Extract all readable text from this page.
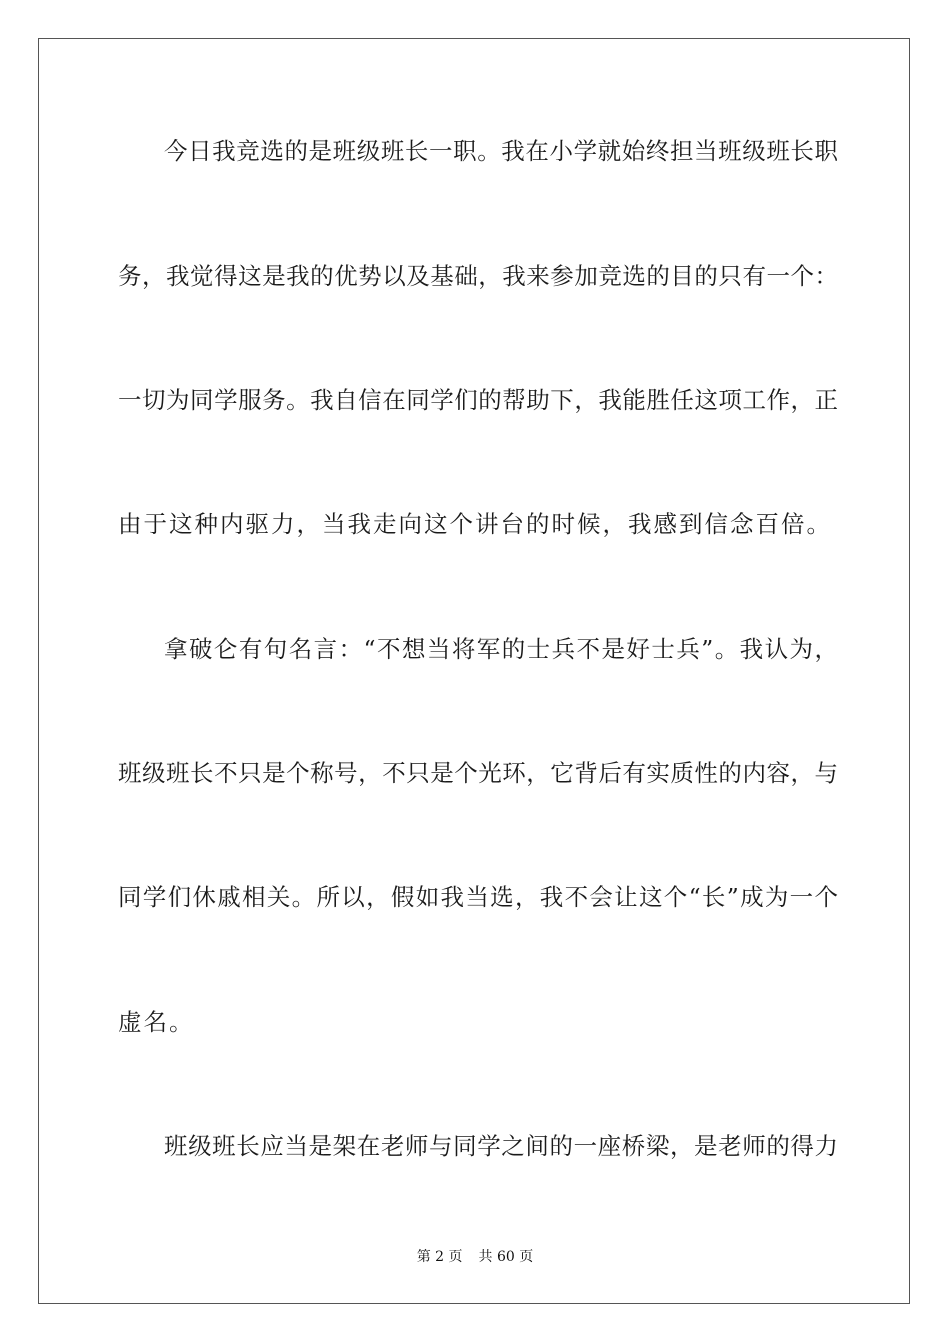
今日我竞选的是班级班长一职。我在小学就始终担当班级班长职
务，我觉得这是我的优势以及基础，我来参加竞选的目的只有一个：
一切为同学服务。我自信在同学们的帮助下，我能胜任这项工作，正
由于这种内驱力，当我走向这个讲台的时候，我感到信念百倍。
拿破仑有句名言：“不想当将军的士兵不是好士兵”。我认为，
班级班长不只是个称号，不只是个光环，它背后有实质性的内容，与
同学们休戚相关。所以，假如我当选，我不会让这个“长”成为一个
虚名。
班级班长应当是架在老师与同学之间的一座桥梁，是老师的得力
第 2 页 共 60 页
